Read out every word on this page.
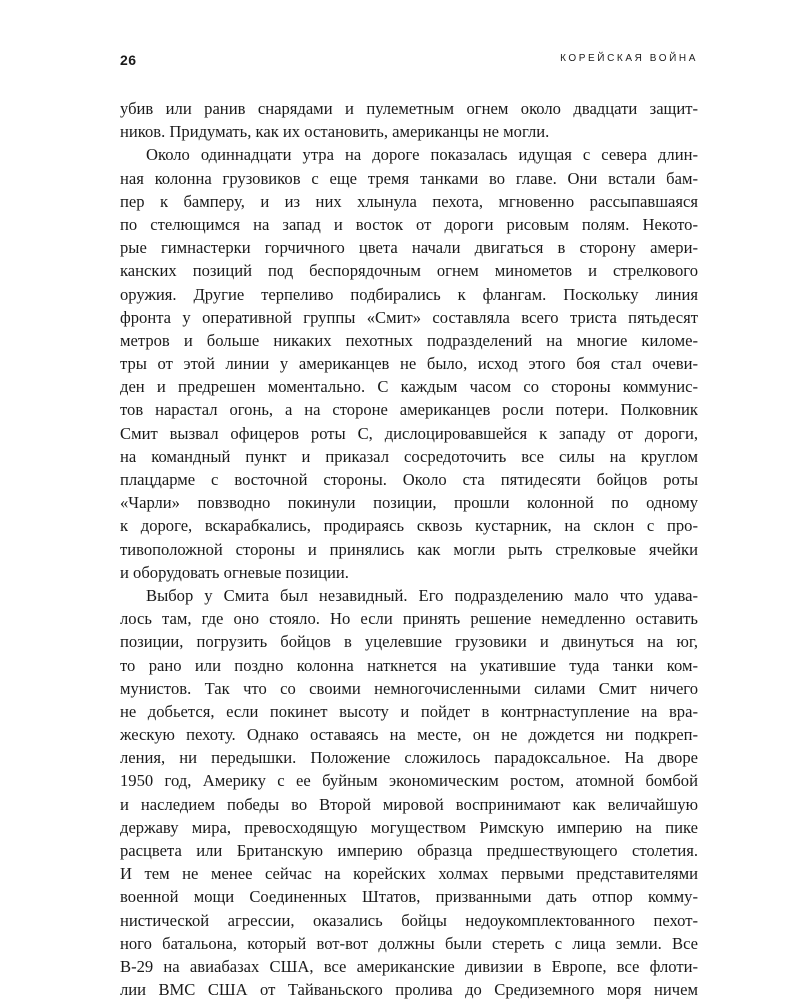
26	КОРЕЙСКАЯ ВОЙНА
убив или ранив снарядами и пулеметным огнем около двадцати защит-
ников. Придумать, как их остановить, американцы не могли.
Около одиннадцати утра на дороге показалась идущая с севера длин-
ная колонна грузовиков с еще тремя танками во главе. Они встали бам-
пер к бамперу, и из них хлынула пехота, мгновенно рассыпавшаяся
по стелющимся на запад и восток от дороги рисовым полям. Некото-
рые гимнастерки горчичного цвета начали двигаться в сторону амери-
канских позиций под беспорядочным огнем минометов и стрелкового
оружия. Другие терпеливо подбирались к флангам. Поскольку линия
фронта у оперативной группы «Смит» составляла всего триста пятьдесят
метров и больше никаких пехотных подразделений на многие киломе-
тры от этой линии у американцев не было, исход этого боя стал очеви-
ден и предрешен моментально. С каждым часом со стороны коммунис-
тов нарастал огонь, а на стороне американцев росли потери. Полковник
Смит вызвал офицеров роты С, дислоцировавшейся к западу от дороги,
на командный пункт и приказал сосредоточить все силы на круглом
плацдарме с восточной стороны. Около ста пятидесяти бойцов роты
«Чарли» повзводно покинули позиции, прошли колонной по одному
к дороге, вскарабкались, продираясь сквозь кустарник, на склон с про-
тивоположной стороны и принялись как могли рыть стрелковые ячейки
и оборудовать огневые позиции.
Выбор у Смита был незавидный. Его подразделению мало что удава-
лось там, где оно стояло. Но если принять решение немедленно оставить
позиции, погрузить бойцов в уцелевшие грузовики и двинуться на юг,
то рано или поздно колонна наткнется на укатившие туда танки ком-
мунистов. Так что со своими немногочисленными силами Смит ничего
не добьется, если покинет высоту и пойдет в контрнаступление на вра-
жескую пехоту. Однако оставаясь на месте, он не дождется ни подкреп-
ления, ни передышки. Положение сложилось парадоксальное. На дворе
1950 год, Америку с ее буйным экономическим ростом, атомной бомбой
и наследием победы во Второй мировой воспринимают как величайшую
державу мира, превосходящую могуществом Римскую империю на пике
расцвета или Британскую империю образца предшествующего столетия.
И тем не менее сейчас на корейских холмах первыми представителями
военной мощи Соединенных Штатов, призванными дать отпор комму-
нистической агрессии, оказались бойцы недоукомплектованного пехот-
ного батальона, который вот-вот должны были стереть с лица земли. Все
B-29 на авиабазах США, все американские дивизии в Европе, все флоти-
лии ВМС США от Тайваньского пролива до Средиземного моря ничем
